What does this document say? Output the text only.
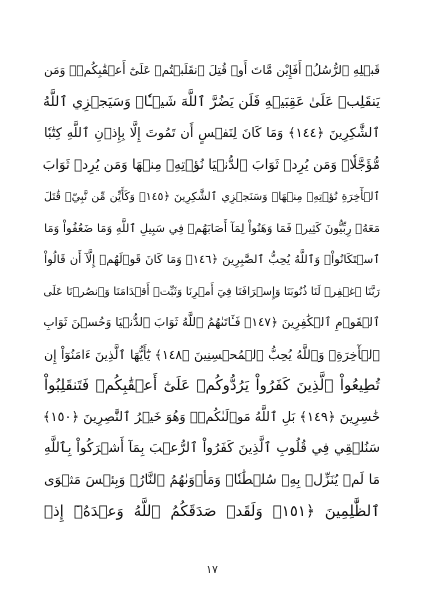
قَبۡلِهِ ٱلرُّسُلُۚ أَفَإِيْن مَّاتَ أَوۡ قُتِلَ ٱنقَلَبۡتُمۡ عَلَىٰٓ أَعۡقَٰبِكُمۡۚ وَمَن
يَنقَلِبۡ عَلَىٰ عَقِبَيۡهِ فَلَن يَضُرَّ ٱللَّهَ شَيۡـٔٗاۗ وَسَيَجۡزِي ٱللَّهُ
ٱلشَّٰكِرِينَ ﴿١٤٤﴾ وَمَا كَانَ لِنَفۡسٍ أَن تَمُوتَ إِلَّا بِإِذۡنِ ٱللَّهِ كِتَٰبٗا
مُّؤَجَّلٗاۗ وَمَن يُرِدۡ ثَوَابَ ٱلدُّنۡيَا نُؤۡتِهِۦ مِنۡهَا وَمَن يُرِدۡ ثَوَابَ
ٱلۡأٓخِرَةِ نُؤۡتِهِۦ مِنۡهَاۚ وَسَنَجۡزِي ٱلشَّٰكِرِينَ ﴿١٤٥﴾ وَكَأَيِّن مِّن نَّبِيّٖ قَٰتَلَ
مَعَهُۥ رِبِّيُّونَ كَثِيرٞ فَمَا وَهَنُواْ لِمَآ أَصَابَهُمۡ فِي سَبِيلِ ٱللَّهِ وَمَا ضَعُفُواْ وَمَا
ٱسۡتَكَانُواْۗ وَٱللَّهُ يُحِبُّ ٱلصَّٰبِرِينَ ﴿١٤٦﴾ وَمَا كَانَ قَوۡلَهُمۡ إِلَّآ أَن قَالُواْ
رَبَّنَا ٱغۡفِرۡ لَنَا ذُنُوبَنَا وَإِسۡرَافَنَا فِيٓ أَمۡرِنَا وَثَبِّتۡ أَقۡدَامَنَا وَٱنصُرۡنَا عَلَى
ٱلۡقَوۡمِ ٱلۡكَٰفِرِينَ ﴿١٤٧﴾ فَـَٔاتَىٰهُمُ ٱللَّهُ ثَوَابَ ٱلدُّنۡيَا وَحُسۡنَ ثَوَابِ
ٱلۡأٓخِرَةِۗ وَٱللَّهُ يُحِبُّ ٱلۡمُحۡسِنِينَ ﴿١٤٨﴾ يَٰٓأَيُّهَا ٱلَّذِينَ ءَامَنُوٓاْ إِن
تُطِيعُواْ ٱلَّذِينَ كَفَرُواْ يَرُدُّوكُمۡ عَلَىٰٓ أَعۡقَٰبِكُمۡ فَتَنقَلِبُواْ
خَٰسِرِينَ ﴿١٤٩﴾ بَلِ ٱللَّهُ مَوۡلَىٰكُمۡۖ وَهُوَ خَيۡرُ ٱلنَّٰصِرِينَ ﴿١٥٠﴾
سَنُلۡقِي فِي قُلُوبِ ٱلَّذِينَ كَفَرُواْ ٱلرُّعۡبَ بِمَآ أَشۡرَكُواْ بِٱللَّهِ
مَا لَمۡ يُنَزِّلۡ بِهِۦ سُلۡطَٰنٗاۖ وَمَأۡوَىٰهُمُ ٱلنَّارُۖ وَبِئۡسَ مَثۡوَى
ٱلظَّٰلِمِينَ ﴿١٥١﴾ وَلَقَدۡ صَدَقَكُمُ ٱللَّهُ وَعۡدَهُۥٓ إِذۡ
١٧
